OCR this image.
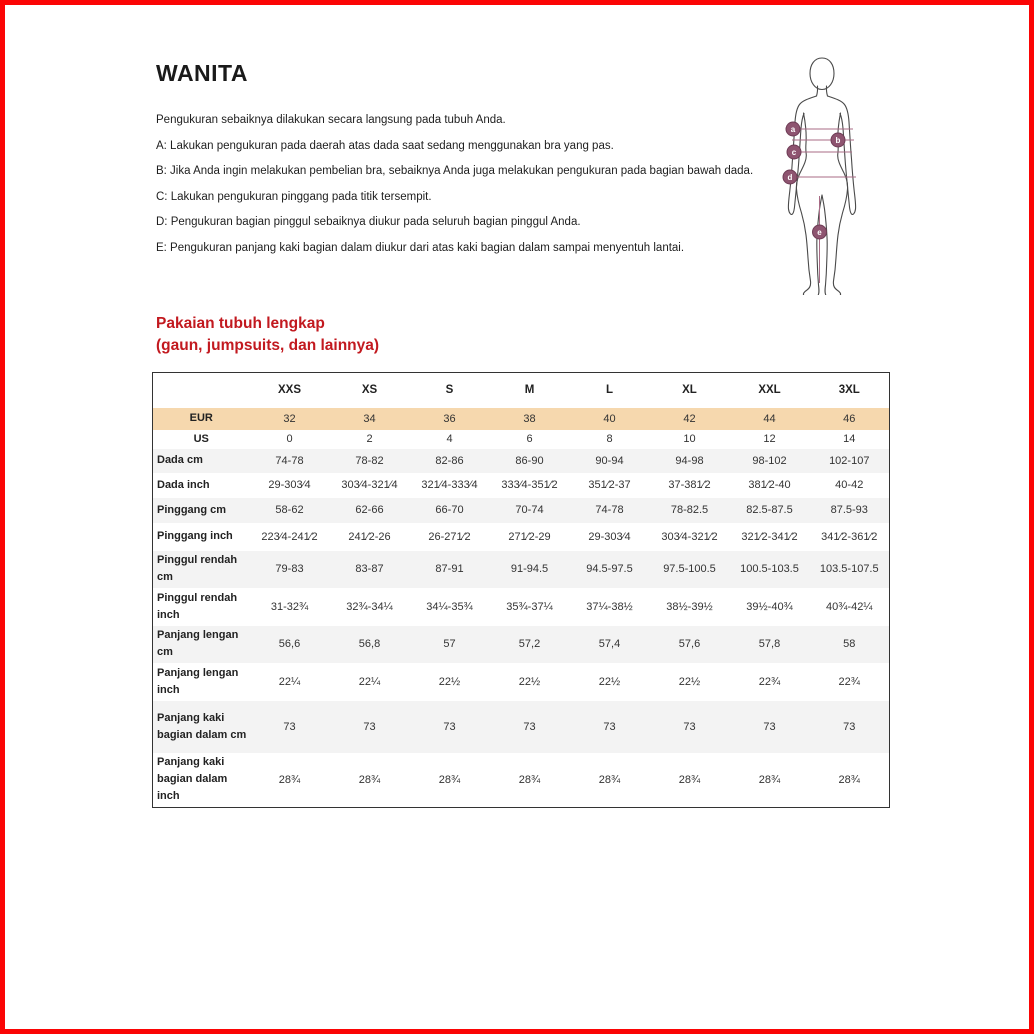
WANITA

Pengukuran sebaiknya dilakukan secara langsung pada tubuh Anda.

A: Lakukan pengukuran pada daerah atas dada saat sedang menggunakan bra yang pas.

B: Jika Anda ingin melakukan pembelian bra, sebaiknya Anda juga melakukan pengukuran pada bagian bawah dada.

C: Lakukan pengukuran pinggang pada titik tersempit.

D: Pengukuran bagian pinggul sebaiknya diukur pada seluruh bagian pinggul Anda.

E: Pengukuran panjang kaki bagian dalam diukur dari atas kaki bagian dalam sampai menyentuh lantai.

a
b
c
d
e
Pakaian tubuh lengkap
(gaun, jumpsuits, dan lainnya)
	XXS	XS	S	M	L	XL	XXL	3XL

EUR	32	34	36	38	40	42	44	46

US	0	2	4	6	8	10	12	14

Dada cm	74-78	78-82	82-86	86-90	90-94	94-98	98-102	102-107

Dada inch	29-303⁄4	303⁄4-321⁄4	321⁄4-333⁄4	333⁄4-351⁄2	351⁄2-37	37-381⁄2	381⁄2-40	40-42

Pinggang cm	58-62	62-66	66-70	70-74	74-78	78-82.5	82.5-87.5	87.5-93

Pinggang inch	223⁄4-241⁄2	241⁄2-26	26-271⁄2	271⁄2-29	29-303⁄4	303⁄4-321⁄2	321⁄2-341⁄2	341⁄2-361⁄2

Pinggul rendah
cm	79-83	83-87	87-91	91-94.5	94.5-97.5	97.5-100.5	100.5-103.5	103.5-107.5

Pinggul rendah
inch	31-32¾	32¾-34¼	34¼-35¾	35¾-37¼	37¼-38½	38½-39½	39½-40¾	40¾-42¼

Panjang lengan
cm	56,6	56,8	57	57,2	57,4	57,6	57,8	58

Panjang lengan
inch	22¼	22¼	22½	22½	22½	22½	22¾	22¾

Panjang kaki
bagian dalam cm	73	73	73	73	73	73	73	73

Panjang kaki
bagian dalam
inch	28¾	28¾	28¾	28¾	28¾	28¾	28¾	28¾
